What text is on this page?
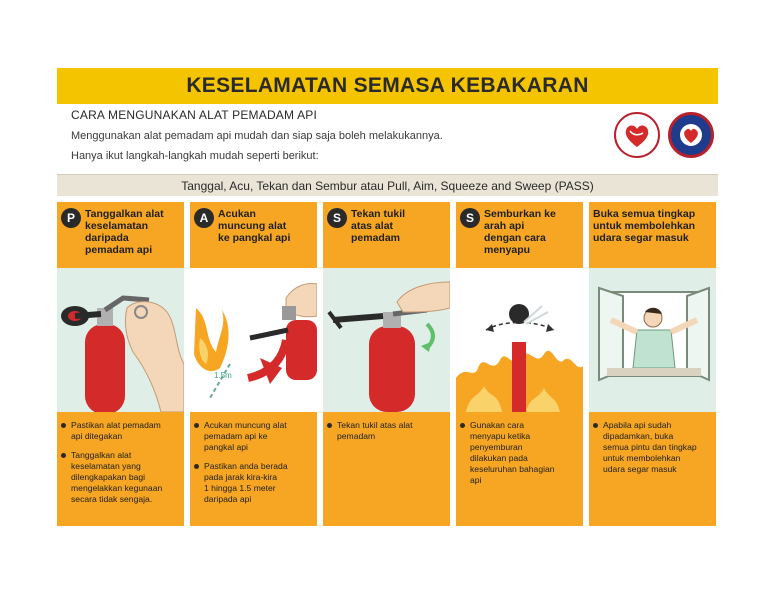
KESELAMATAN SEMASA KEBAKARAN
CARA MENGUNAKAN ALAT PEMADAM API
Menggunakan alat pemadam api mudah dan siap saja boleh melakukannya.
Hanya ikut langkah-langkah mudah seperti berikut:
Tanggal, Acu, Tekan dan Sembur atau Pull, Aim, Squeeze and Sweep (PASS)
P Tanggalkan alat
keselamatan
daripada
pemadam api
Pastikan alat pemadam
api ditegakan
Tanggalkan alat
keselamatan yang
dilengkapakan bagi
mengelakkan kegunaan
secara tidak sengaja.
A Acukan
muncung alat
ke pangkal api
1.5m
Acukan muncung alat
pemadam api ke
pangkal api
Pastikan anda berada
pada jarak kira-kira
1 hingga 1.5 meter
daripada api
S Tekan tukil
atas alat
pemadam
Tekan tukil atas alat
pemadam
S Semburkan ke
arah api
dengan cara
menyapu
Gunakan cara
menyapu ketika
penyemburan
dilakukan pada
keseluruhan bahagian
api
Buka semua tingkap
untuk membolehkan
udara segar masuk
Apabila api sudah
dipadamkan, buka
semua pintu dan tingkap
untuk membolehkan
udara segar masuk
